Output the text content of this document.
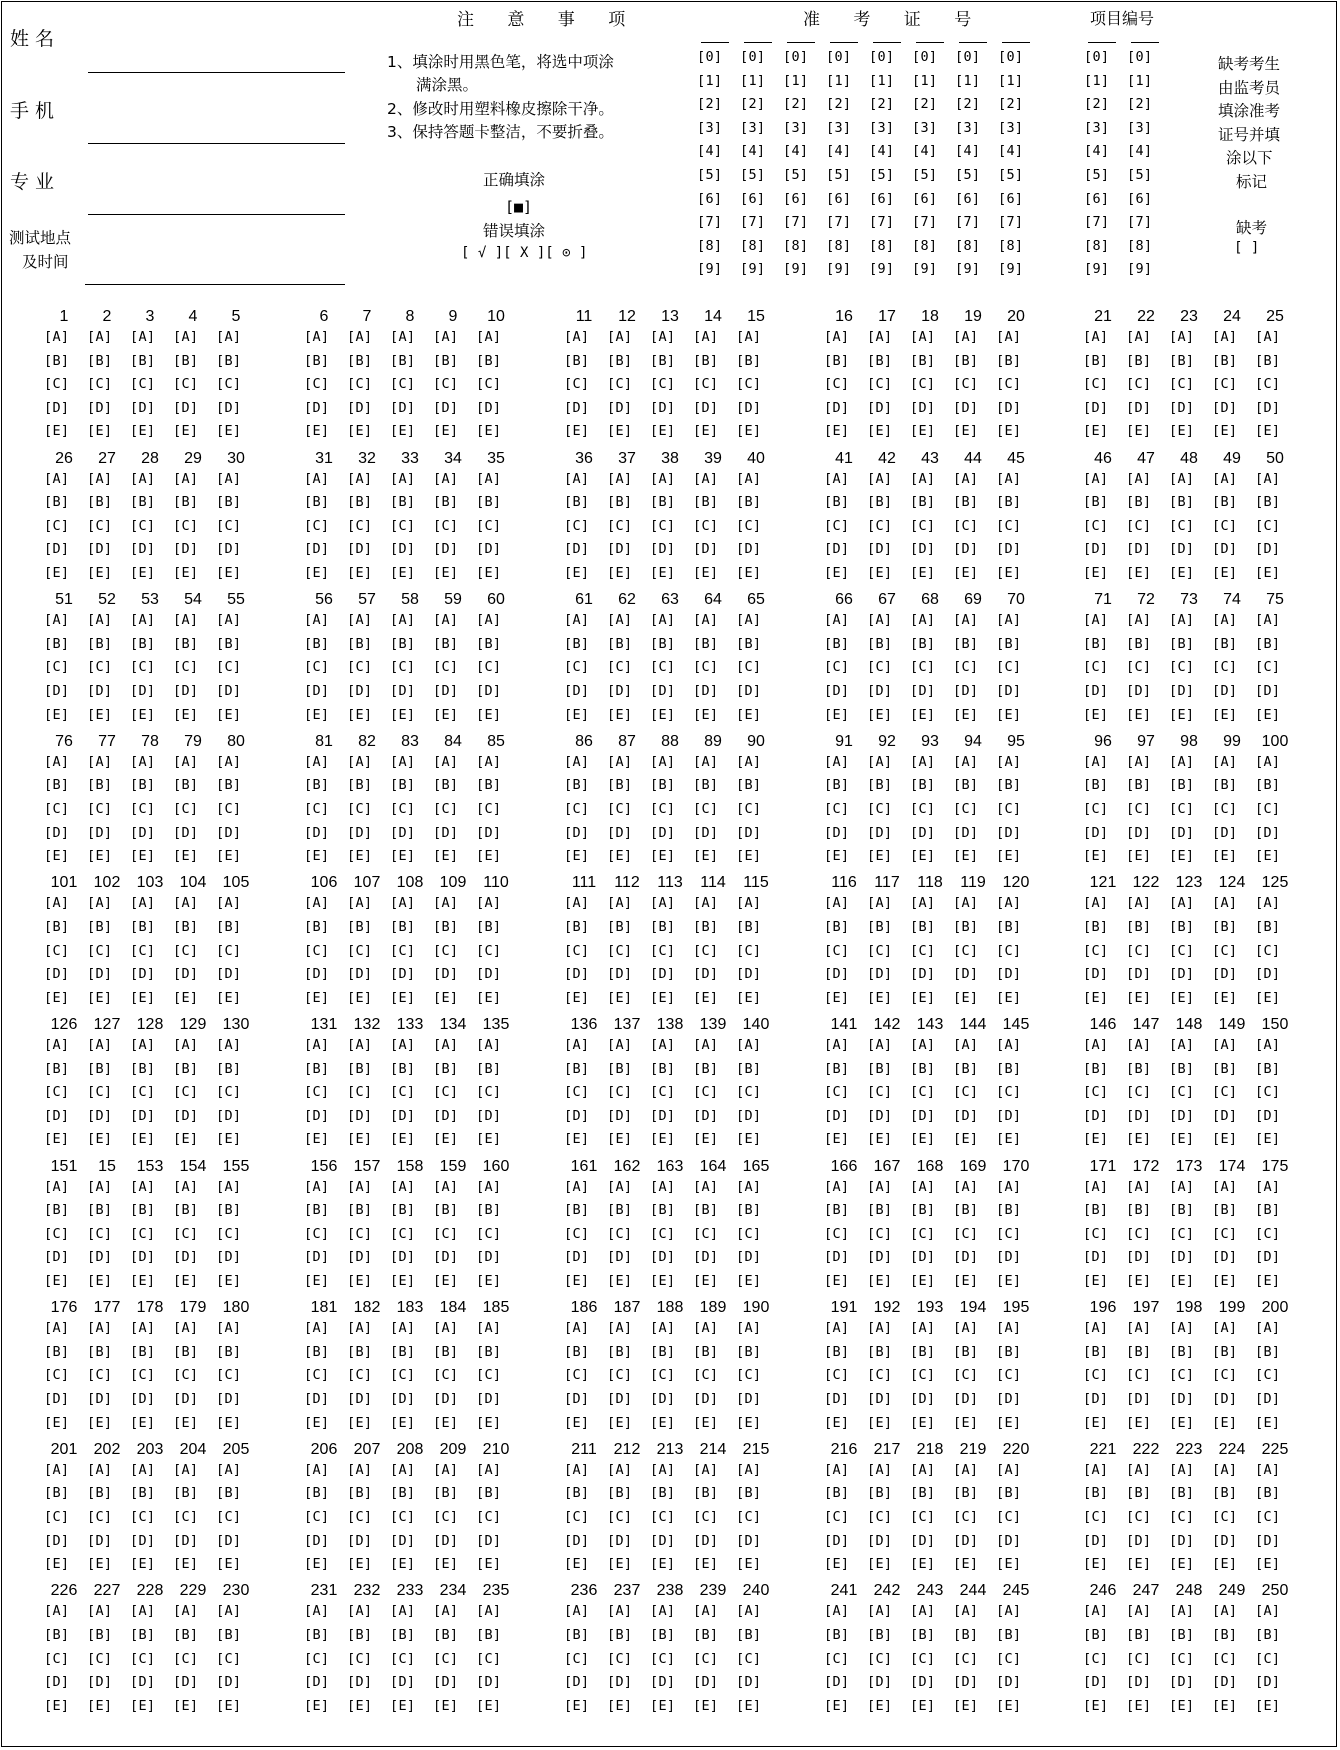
姓 名
手 机
专 业
测试地点
及时间
注 意 事 项
1、填涂时用黑色笔，将选中项涂
满涂黑。
2、修改时用塑料橡皮擦除干净。
3、保持答题卡整洁，不要折叠。
正确填涂
[■]
错误填涂
[ √ ][ X ][ ⊙ ]
准 考 证 号
[0]
[1]
[2]
[3]
[4]
[5]
[6]
[7]
[8]
[9]
[0]
[1]
[2]
[3]
[4]
[5]
[6]
[7]
[8]
[9]
[0]
[1]
[2]
[3]
[4]
[5]
[6]
[7]
[8]
[9]
[0]
[1]
[2]
[3]
[4]
[5]
[6]
[7]
[8]
[9]
[0]
[1]
[2]
[3]
[4]
[5]
[6]
[7]
[8]
[9]
[0]
[1]
[2]
[3]
[4]
[5]
[6]
[7]
[8]
[9]
[0]
[1]
[2]
[3]
[4]
[5]
[6]
[7]
[8]
[9]
[0]
[1]
[2]
[3]
[4]
[5]
[6]
[7]
[8]
[9]
项目编号
[0]
[1]
[2]
[3]
[4]
[5]
[6]
[7]
[8]
[9]
[0]
[1]
[2]
[3]
[4]
[5]
[6]
[7]
[8]
[9]
缺考考生
由监考员
填涂准考
证号并填
涂以下
标记
缺考
[ ]
1
[A]
[B]
[C]
[D]
[E]
2
[A]
[B]
[C]
[D]
[E]
3
[A]
[B]
[C]
[D]
[E]
4
[A]
[B]
[C]
[D]
[E]
5
[A]
[B]
[C]
[D]
[E]
6
[A]
[B]
[C]
[D]
[E]
7
[A]
[B]
[C]
[D]
[E]
8
[A]
[B]
[C]
[D]
[E]
9
[A]
[B]
[C]
[D]
[E]
10
[A]
[B]
[C]
[D]
[E]
11
[A]
[B]
[C]
[D]
[E]
12
[A]
[B]
[C]
[D]
[E]
13
[A]
[B]
[C]
[D]
[E]
14
[A]
[B]
[C]
[D]
[E]
15
[A]
[B]
[C]
[D]
[E]
16
[A]
[B]
[C]
[D]
[E]
17
[A]
[B]
[C]
[D]
[E]
18
[A]
[B]
[C]
[D]
[E]
19
[A]
[B]
[C]
[D]
[E]
20
[A]
[B]
[C]
[D]
[E]
21
[A]
[B]
[C]
[D]
[E]
22
[A]
[B]
[C]
[D]
[E]
23
[A]
[B]
[C]
[D]
[E]
24
[A]
[B]
[C]
[D]
[E]
25
[A]
[B]
[C]
[D]
[E]
26
[A]
[B]
[C]
[D]
[E]
27
[A]
[B]
[C]
[D]
[E]
28
[A]
[B]
[C]
[D]
[E]
29
[A]
[B]
[C]
[D]
[E]
30
[A]
[B]
[C]
[D]
[E]
31
[A]
[B]
[C]
[D]
[E]
32
[A]
[B]
[C]
[D]
[E]
33
[A]
[B]
[C]
[D]
[E]
34
[A]
[B]
[C]
[D]
[E]
35
[A]
[B]
[C]
[D]
[E]
36
[A]
[B]
[C]
[D]
[E]
37
[A]
[B]
[C]
[D]
[E]
38
[A]
[B]
[C]
[D]
[E]
39
[A]
[B]
[C]
[D]
[E]
40
[A]
[B]
[C]
[D]
[E]
41
[A]
[B]
[C]
[D]
[E]
42
[A]
[B]
[C]
[D]
[E]
43
[A]
[B]
[C]
[D]
[E]
44
[A]
[B]
[C]
[D]
[E]
45
[A]
[B]
[C]
[D]
[E]
46
[A]
[B]
[C]
[D]
[E]
47
[A]
[B]
[C]
[D]
[E]
48
[A]
[B]
[C]
[D]
[E]
49
[A]
[B]
[C]
[D]
[E]
50
[A]
[B]
[C]
[D]
[E]
51
[A]
[B]
[C]
[D]
[E]
52
[A]
[B]
[C]
[D]
[E]
53
[A]
[B]
[C]
[D]
[E]
54
[A]
[B]
[C]
[D]
[E]
55
[A]
[B]
[C]
[D]
[E]
56
[A]
[B]
[C]
[D]
[E]
57
[A]
[B]
[C]
[D]
[E]
58
[A]
[B]
[C]
[D]
[E]
59
[A]
[B]
[C]
[D]
[E]
60
[A]
[B]
[C]
[D]
[E]
61
[A]
[B]
[C]
[D]
[E]
62
[A]
[B]
[C]
[D]
[E]
63
[A]
[B]
[C]
[D]
[E]
64
[A]
[B]
[C]
[D]
[E]
65
[A]
[B]
[C]
[D]
[E]
66
[A]
[B]
[C]
[D]
[E]
67
[A]
[B]
[C]
[D]
[E]
68
[A]
[B]
[C]
[D]
[E]
69
[A]
[B]
[C]
[D]
[E]
70
[A]
[B]
[C]
[D]
[E]
71
[A]
[B]
[C]
[D]
[E]
72
[A]
[B]
[C]
[D]
[E]
73
[A]
[B]
[C]
[D]
[E]
74
[A]
[B]
[C]
[D]
[E]
75
[A]
[B]
[C]
[D]
[E]
76
[A]
[B]
[C]
[D]
[E]
77
[A]
[B]
[C]
[D]
[E]
78
[A]
[B]
[C]
[D]
[E]
79
[A]
[B]
[C]
[D]
[E]
80
[A]
[B]
[C]
[D]
[E]
81
[A]
[B]
[C]
[D]
[E]
82
[A]
[B]
[C]
[D]
[E]
83
[A]
[B]
[C]
[D]
[E]
84
[A]
[B]
[C]
[D]
[E]
85
[A]
[B]
[C]
[D]
[E]
86
[A]
[B]
[C]
[D]
[E]
87
[A]
[B]
[C]
[D]
[E]
88
[A]
[B]
[C]
[D]
[E]
89
[A]
[B]
[C]
[D]
[E]
90
[A]
[B]
[C]
[D]
[E]
91
[A]
[B]
[C]
[D]
[E]
92
[A]
[B]
[C]
[D]
[E]
93
[A]
[B]
[C]
[D]
[E]
94
[A]
[B]
[C]
[D]
[E]
95
[A]
[B]
[C]
[D]
[E]
96
[A]
[B]
[C]
[D]
[E]
97
[A]
[B]
[C]
[D]
[E]
98
[A]
[B]
[C]
[D]
[E]
99
[A]
[B]
[C]
[D]
[E]
100
[A]
[B]
[C]
[D]
[E]
101
[A]
[B]
[C]
[D]
[E]
102
[A]
[B]
[C]
[D]
[E]
103
[A]
[B]
[C]
[D]
[E]
104
[A]
[B]
[C]
[D]
[E]
105
[A]
[B]
[C]
[D]
[E]
106
[A]
[B]
[C]
[D]
[E]
107
[A]
[B]
[C]
[D]
[E]
108
[A]
[B]
[C]
[D]
[E]
109
[A]
[B]
[C]
[D]
[E]
110
[A]
[B]
[C]
[D]
[E]
111
[A]
[B]
[C]
[D]
[E]
112
[A]
[B]
[C]
[D]
[E]
113
[A]
[B]
[C]
[D]
[E]
114
[A]
[B]
[C]
[D]
[E]
115
[A]
[B]
[C]
[D]
[E]
116
[A]
[B]
[C]
[D]
[E]
117
[A]
[B]
[C]
[D]
[E]
118
[A]
[B]
[C]
[D]
[E]
119
[A]
[B]
[C]
[D]
[E]
120
[A]
[B]
[C]
[D]
[E]
121
[A]
[B]
[C]
[D]
[E]
122
[A]
[B]
[C]
[D]
[E]
123
[A]
[B]
[C]
[D]
[E]
124
[A]
[B]
[C]
[D]
[E]
125
[A]
[B]
[C]
[D]
[E]
126
[A]
[B]
[C]
[D]
[E]
127
[A]
[B]
[C]
[D]
[E]
128
[A]
[B]
[C]
[D]
[E]
129
[A]
[B]
[C]
[D]
[E]
130
[A]
[B]
[C]
[D]
[E]
131
[A]
[B]
[C]
[D]
[E]
132
[A]
[B]
[C]
[D]
[E]
133
[A]
[B]
[C]
[D]
[E]
134
[A]
[B]
[C]
[D]
[E]
135
[A]
[B]
[C]
[D]
[E]
136
[A]
[B]
[C]
[D]
[E]
137
[A]
[B]
[C]
[D]
[E]
138
[A]
[B]
[C]
[D]
[E]
139
[A]
[B]
[C]
[D]
[E]
140
[A]
[B]
[C]
[D]
[E]
141
[A]
[B]
[C]
[D]
[E]
142
[A]
[B]
[C]
[D]
[E]
143
[A]
[B]
[C]
[D]
[E]
144
[A]
[B]
[C]
[D]
[E]
145
[A]
[B]
[C]
[D]
[E]
146
[A]
[B]
[C]
[D]
[E]
147
[A]
[B]
[C]
[D]
[E]
148
[A]
[B]
[C]
[D]
[E]
149
[A]
[B]
[C]
[D]
[E]
150
[A]
[B]
[C]
[D]
[E]
151
[A]
[B]
[C]
[D]
[E]
15
[A]
[B]
[C]
[D]
[E]
153
[A]
[B]
[C]
[D]
[E]
154
[A]
[B]
[C]
[D]
[E]
155
[A]
[B]
[C]
[D]
[E]
156
[A]
[B]
[C]
[D]
[E]
157
[A]
[B]
[C]
[D]
[E]
158
[A]
[B]
[C]
[D]
[E]
159
[A]
[B]
[C]
[D]
[E]
160
[A]
[B]
[C]
[D]
[E]
161
[A]
[B]
[C]
[D]
[E]
162
[A]
[B]
[C]
[D]
[E]
163
[A]
[B]
[C]
[D]
[E]
164
[A]
[B]
[C]
[D]
[E]
165
[A]
[B]
[C]
[D]
[E]
166
[A]
[B]
[C]
[D]
[E]
167
[A]
[B]
[C]
[D]
[E]
168
[A]
[B]
[C]
[D]
[E]
169
[A]
[B]
[C]
[D]
[E]
170
[A]
[B]
[C]
[D]
[E]
171
[A]
[B]
[C]
[D]
[E]
172
[A]
[B]
[C]
[D]
[E]
173
[A]
[B]
[C]
[D]
[E]
174
[A]
[B]
[C]
[D]
[E]
175
[A]
[B]
[C]
[D]
[E]
176
[A]
[B]
[C]
[D]
[E]
177
[A]
[B]
[C]
[D]
[E]
178
[A]
[B]
[C]
[D]
[E]
179
[A]
[B]
[C]
[D]
[E]
180
[A]
[B]
[C]
[D]
[E]
181
[A]
[B]
[C]
[D]
[E]
182
[A]
[B]
[C]
[D]
[E]
183
[A]
[B]
[C]
[D]
[E]
184
[A]
[B]
[C]
[D]
[E]
185
[A]
[B]
[C]
[D]
[E]
186
[A]
[B]
[C]
[D]
[E]
187
[A]
[B]
[C]
[D]
[E]
188
[A]
[B]
[C]
[D]
[E]
189
[A]
[B]
[C]
[D]
[E]
190
[A]
[B]
[C]
[D]
[E]
191
[A]
[B]
[C]
[D]
[E]
192
[A]
[B]
[C]
[D]
[E]
193
[A]
[B]
[C]
[D]
[E]
194
[A]
[B]
[C]
[D]
[E]
195
[A]
[B]
[C]
[D]
[E]
196
[A]
[B]
[C]
[D]
[E]
197
[A]
[B]
[C]
[D]
[E]
198
[A]
[B]
[C]
[D]
[E]
199
[A]
[B]
[C]
[D]
[E]
200
[A]
[B]
[C]
[D]
[E]
201
[A]
[B]
[C]
[D]
[E]
202
[A]
[B]
[C]
[D]
[E]
203
[A]
[B]
[C]
[D]
[E]
204
[A]
[B]
[C]
[D]
[E]
205
[A]
[B]
[C]
[D]
[E]
206
[A]
[B]
[C]
[D]
[E]
207
[A]
[B]
[C]
[D]
[E]
208
[A]
[B]
[C]
[D]
[E]
209
[A]
[B]
[C]
[D]
[E]
210
[A]
[B]
[C]
[D]
[E]
211
[A]
[B]
[C]
[D]
[E]
212
[A]
[B]
[C]
[D]
[E]
213
[A]
[B]
[C]
[D]
[E]
214
[A]
[B]
[C]
[D]
[E]
215
[A]
[B]
[C]
[D]
[E]
216
[A]
[B]
[C]
[D]
[E]
217
[A]
[B]
[C]
[D]
[E]
218
[A]
[B]
[C]
[D]
[E]
219
[A]
[B]
[C]
[D]
[E]
220
[A]
[B]
[C]
[D]
[E]
221
[A]
[B]
[C]
[D]
[E]
222
[A]
[B]
[C]
[D]
[E]
223
[A]
[B]
[C]
[D]
[E]
224
[A]
[B]
[C]
[D]
[E]
225
[A]
[B]
[C]
[D]
[E]
226
[A]
[B]
[C]
[D]
[E]
227
[A]
[B]
[C]
[D]
[E]
228
[A]
[B]
[C]
[D]
[E]
229
[A]
[B]
[C]
[D]
[E]
230
[A]
[B]
[C]
[D]
[E]
231
[A]
[B]
[C]
[D]
[E]
232
[A]
[B]
[C]
[D]
[E]
233
[A]
[B]
[C]
[D]
[E]
234
[A]
[B]
[C]
[D]
[E]
235
[A]
[B]
[C]
[D]
[E]
236
[A]
[B]
[C]
[D]
[E]
237
[A]
[B]
[C]
[D]
[E]
238
[A]
[B]
[C]
[D]
[E]
239
[A]
[B]
[C]
[D]
[E]
240
[A]
[B]
[C]
[D]
[E]
241
[A]
[B]
[C]
[D]
[E]
242
[A]
[B]
[C]
[D]
[E]
243
[A]
[B]
[C]
[D]
[E]
244
[A]
[B]
[C]
[D]
[E]
245
[A]
[B]
[C]
[D]
[E]
246
[A]
[B]
[C]
[D]
[E]
247
[A]
[B]
[C]
[D]
[E]
248
[A]
[B]
[C]
[D]
[E]
249
[A]
[B]
[C]
[D]
[E]
250
[A]
[B]
[C]
[D]
[E]
